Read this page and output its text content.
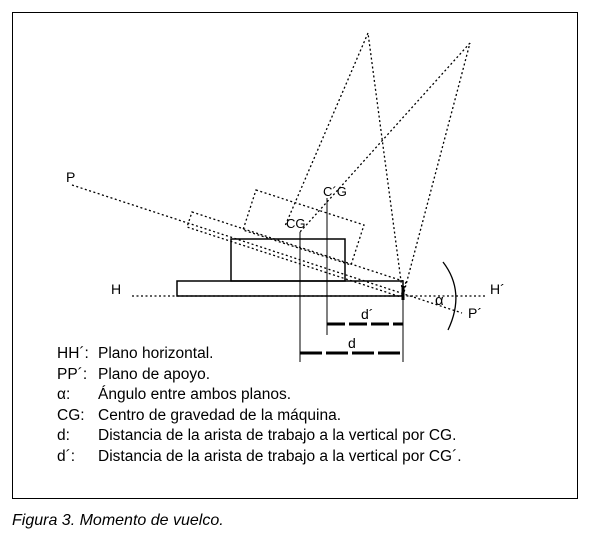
P
P´
H	H´
CG
C´G
α
d´
d
HH´: Plano horizontal.
PP´: Plano de apoyo.
α:	Ángulo entre ambos planos.
CG: Centro de gravedad de la máquina.
d:	Distancia de la arista de trabajo a la vertical por CG.
d´:	Distancia de la arista de trabajo a la vertical por CG´.
Figura 3. Momento de vuelco.
